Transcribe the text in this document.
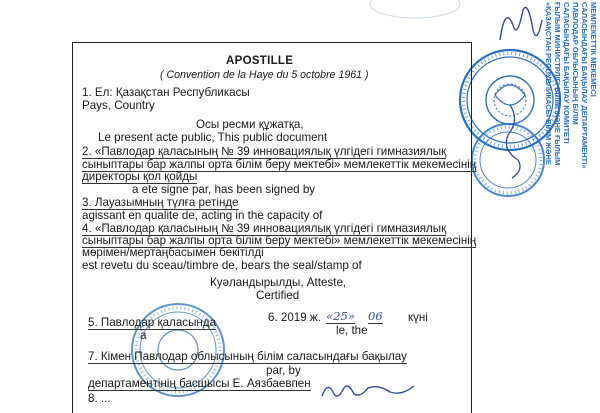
«ҚАЗАҚСТАН РЕСПУБЛИКАСЫ БІЛІМ ЖӘНЕ ҒЫЛЫМ МИНИСТРЛІГІ БІЛІМ ЖӘНЕ ҒЫЛЫМ САЛАСЫНДАҒЫ БАҚЫЛАУ КОМИТЕТІ ПАВЛОДАР ОБЛЫСЫНЫҢ БІЛІМ САЛАСЫНДАҒЫ БАҚЫЛАУ ДЕПАРТАМЕНТІ» МЕМЛЕКЕТТІК МЕКЕМЕСІ
APOSTILLE
( Convention de la Haye du 5 octobre 1961 )
1. Ел: Қазақстан Республикасы
Pays, Country
Осы ресми құжатқа,
Le present acte public, This public document
2. «Павлодар қаласының № 39 инновациялық үлгідегі гимназиялық
сыныптары бар жалпы орта білім беру мектебі» мемлекеттік мекемесінің
директоры қол қойды
a ete signe par, has been signed by
3. Лауазымның түлға ретінде
agissant en qualite de, acting in the capacity of
4. «Павлодар қаласының № 39 инновациялық үлгідегі гимназиялық
сыныптары бар жалпы орта білім беру мектебі» мемлекеттік мекемесінің
мөрімен/мертаңбасымен бекітілді
est revetu du sceau/timbre de, bears the seal/stamp of
Куәландырылды, Atteste,
Certified
5. Павлодар қаласында
a
6. 2019 ж. «25» 06 күні
le, the
7. Кімен Павлодар облысының білім саласындағы бақылау
par, by
департаментінің басшысы Е. Аязбаевпен
8. ...
